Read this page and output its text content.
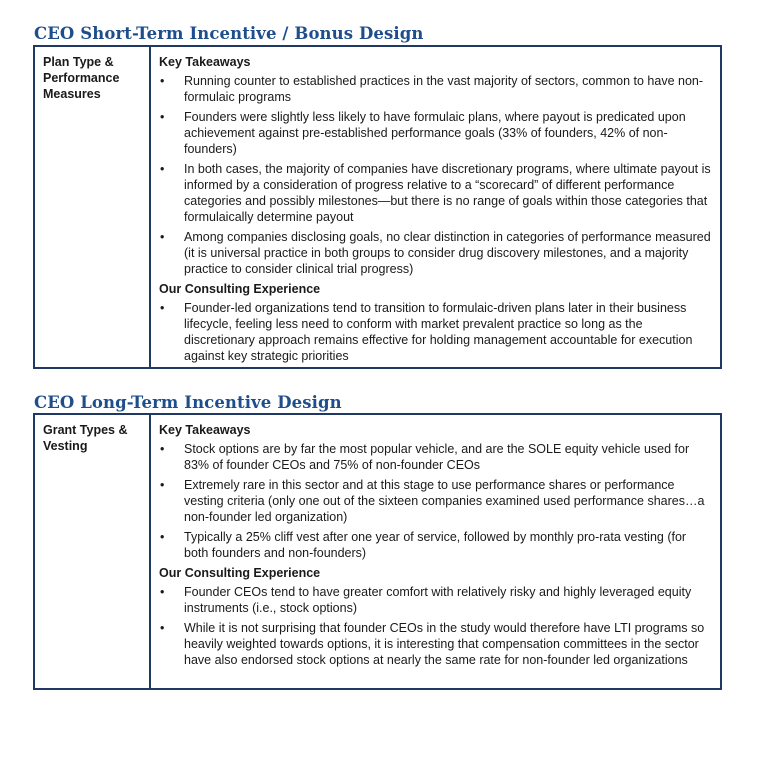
CEO Short-Term Incentive / Bonus Design
Plan Type & Performance Measures
Key Takeaways
• Running counter to established practices in the vast majority of sectors, common to have non-formulaic programs
• Founders were slightly less likely to have formulaic plans, where payout is predicated upon achievement against pre-established performance goals (33% of founders, 42% of non-founders)
• In both cases, the majority of companies have discretionary programs, where ultimate payout is informed by a consideration of progress relative to a “scorecard” of different performance categories and possibly milestones—but there is no range of goals within those categories that formulaically determine payout
• Among companies disclosing goals, no clear distinction in categories of performance measured (it is universal practice in both groups to consider drug discovery milestones, and a majority practice to consider clinical trial progress)
Our Consulting Experience
• Founder-led organizations tend to transition to formulaic-driven plans later in their business lifecycle, feeling less need to conform with market prevalent practice so long as the discretionary approach remains effective for holding management accountable for execution against key strategic priorities
CEO Long-Term Incentive Design
Grant Types & Vesting
Key Takeaways
• Stock options are by far the most popular vehicle, and are the SOLE equity vehicle used for 83% of founder CEOs and 75% of non-founder CEOs
• Extremely rare in this sector and at this stage to use performance shares or performance vesting criteria (only one out of the sixteen companies examined used performance shares…a non-founder led organization)
• Typically a 25% cliff vest after one year of service, followed by monthly pro-rata vesting (for both founders and non-founders)
Our Consulting Experience
• Founder CEOs tend to have greater comfort with relatively risky and highly leveraged equity instruments (i.e., stock options)
• While it is not surprising that founder CEOs in the study would therefore have LTI programs so heavily weighted towards options, it is interesting that compensation committees in the sector have also endorsed stock options at nearly the same rate for non-founder led organizations
